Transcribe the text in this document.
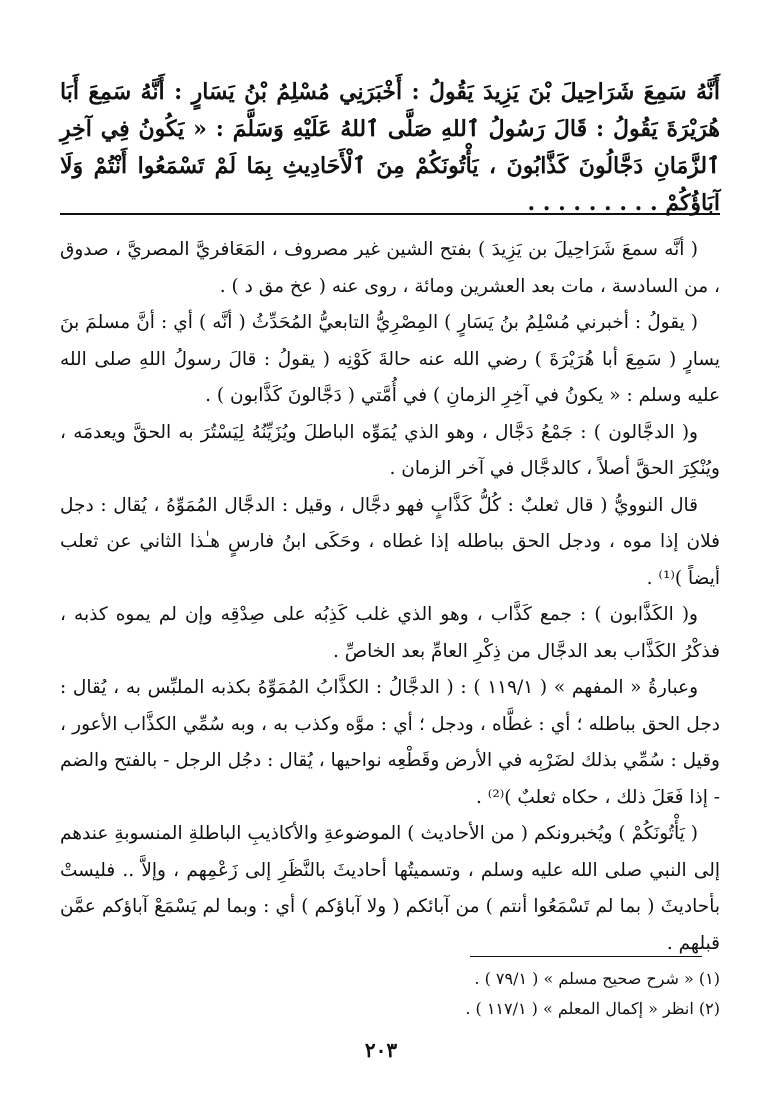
أَنَّهُ سَمِعَ شَرَاحِيلَ بْنَ يَزِيدَ يَقُولُ : أَخْبَرَنِي مُسْلِمُ بْنُ يَسَارٍ : أَنَّهُ سَمِعَ أَبَا هُرَيْرَةَ يَقُولُ : قَالَ رَسُولُ ٱللهِ صَلَّى ٱللهُ عَلَيْهِ وَسَلَّمَ : « يَكُونُ فِي آخِرِ ٱلزَّمَانِ دَجَّالُونَ كَذَّابُونَ ، يَأْتُونَكُمْ مِنَ ٱلْأَحَادِيثِ بِمَا لَمْ تَسْمَعُوا أَنْتُمْ وَلَا آبَاؤُكُمْ . . . . . . . . .

( أنَّه سمعَ شَرَاحِيلَ بن يَزِيدَ ) بفتح الشين غير مصروف ، المَعَافريَّ المصريَّ ، صدوق ، من السادسة ، مات بعد العشرين ومائة ، روى عنه ( عخ مق د ) .

( يقولُ : أخبرني مُسْلِمُ بنُ يَسَارٍ ) المِصْرِيُّ التابعيُّ المُحَدِّثُ ( أنَّه ) أي : أنَّ مسلمَ بنَ يسارٍ ( سَمِعَ أبا هُرَيْرَةَ ) رضي الله عنه حالةَ كَوْنِه ( يقولُ : قالَ رسولُ اللهِ صلى الله عليه وسلم : « يكونُ في آخِرِ الزمانِ ) في أُمَّتي ( دَجَّالونَ كَذَّابون ) .

و( الدجَّالون ) : جَمْعُ دَجَّال ، وهو الذي يُمَوِّه الباطلَ ويُزَيِّنُهُ لِيَسْتُرَ به الحقَّ ويعدمَه ، ويُنْكِرَ الحقَّ أصلاً ، كالدجَّال في آخر الزمان .

قال النوويُّ ( قال ثعلبٌ : كُلُّ كَذَّابٍ فهو دجَّال ، وقيل : الدجَّال المُمَوِّهُ ، يُقال : دجل فلان إذا موه ، ودجل الحق بباطله إذا غطاه ، وحَكَى ابنُ فارسٍ هـٰذا الثاني عن ثعلب أيضاً )⁽¹⁾ .

و( الكَذَّابون ) : جمع كَذَّاب ، وهو الذي غلب كَذِبُه على صِدْقِه وإن لم يموه كذبه ، فذكْرُ الكَذَّاب بعد الدجَّال من ذِكْرِ العامِّ بعد الخاصِّ .

وعبارةُ « المفهم » ( ١١٩/١ ) : ( الدجَّالُ : الكذَّابُ المُمَوِّهُ بكذبه الملبِّس به ، يُقال : دجل الحق بباطله ؛ أي : غطَّاه ، ودجل ؛ أي : موَّه وكذب به ، وبه سُمِّي الكذَّاب الأعور ، وقيل : سُمِّي بذلك لضَرْبِه في الأرض وقَطْعِه نواحيها ، يُقال : دجُل الرجل - بالفتح والضم - إذا فَعَلَ ذلك ، حكاه ثعلبٌ )⁽²⁾ .

( يَأْتُونَكُمْ ) ويُخبرونكم ( من الأحاديث ) الموضوعةِ والأكاذيبِ الباطلةِ المنسوبةِ عندهم إلى النبي صلى الله عليه وسلم ، وتسميتُها أحاديثَ بالنَّظَرِ إلى زَعْمِهم ، وإلاَّ .. فليستْ بأحاديثَ ( بما لم تَسْمَعُوا أنتم ) من آبائكم ( ولا آباؤكم ) أي : وبما لم يَسْمَعْ آباؤكم عمَّن قبلهم .

(١) « شرح صحيح مسلم » ( ٧٩/١ ) .

(٢) انظر « إكمال المعلم » ( ١١٧/١ ) .

٢٠٣
